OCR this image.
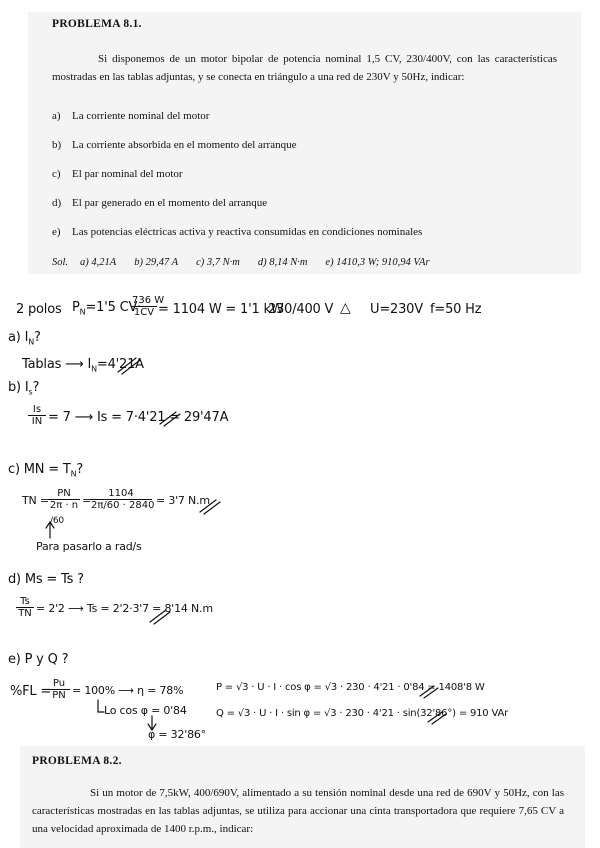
PROBLEMA 8.1.

Si disponemos de un motor bipolar de potencia nominal 1,5 CV, 230/400V, con las características mostradas en las tablas adjuntas, y se conecta en triángulo a una red de 230V y 50Hz, indicar:

a) La corriente nominal del motor
b) La corriente absorbida en el momento del arranque
c) El par nominal del motor
d) El par generado en el momento del arranque
e) Las potencias eléctricas activa y reactiva consumidas en condiciones nominales
Sol. a) 4,21A b) 29,47 A c) 3,7 N·m d) 8,14 N·m e) 1410,3 W; 910,94 VAr
2 polos $P_N=1'5$ CV·
$\frac{736 W}{1CV} = 1104$ W = 1'1 kW
230/400 V △ U=230V f=50 Hz
a) $I_N$?
Tablas ⟶ $I_N=4'21A$
b) $I_s$?
$\frac{Is}{IN} = 7$ ⟶ Is = 7·4'21 = 29'47A
c) MN = $T_N$?
TN = $\frac{PN}{2\pi \cdot n}$
/60
=
$\frac{1104}{2\pi/60 \cdot 2840} = 3'7$ N.m
Para pasarlo a rad/s
d) Ms = Ts ?
$\frac{Ts}{TN} = 2'2$ ⟶ Ts = 2'2·3'7 = 8'14 N.m
e) P y Q ?
%FL =
$\frac{Pu}{PN} = 100\%$ ⟶ η = 78%
Lo cos φ = 0'84
φ = 32'86°
P = √3 · U · I · cos φ = √3 · 230 · 4'21 · 0'84 = 1408'8 W
Q = √3 · U · I · sin φ = √3 · 230 · 4'21 · sin(32'86°) = 910 VAr
PROBLEMA 8.2.

Si un motor de 7,5kW, 400/690V, alimentado a su tensión nominal desde una red de 690V y 50Hz, con las características mostradas en las tablas adjuntas, se utiliza para accionar una cinta transportadora que requiere 7,65 CV a una velocidad aproximada de 1400 r.p.m., indicar:
